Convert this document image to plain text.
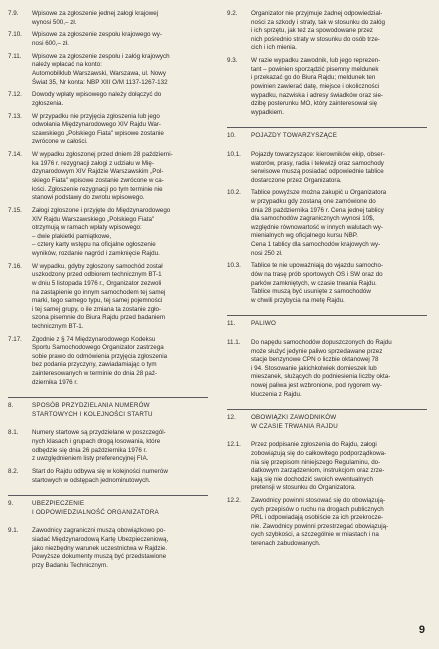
7.9.	Wpisowe za zgłoszenie jednej załogi krajowej
wynosi 500,– zł.
7.10.	Wpisowe za zgłoszenie zespołu krajowego wy-
nosi 600,– zł.
7.11.	Wpisowe za zgłoszenie zespołu i załóg krajowych
należy wpłacać na konto:
Automobilklub Warszawski, Warszawa, ul. Nowy
Świat 35, Nr konta: NBP XIII O/M 1137-1267-132
7.12.	Dowody wpłaty wpisowego należy dołączyć do
zgłoszenia.
7.13.	W przypadku nie przyjęcia zgłoszenia lub jego
odwołania Międzynarodowego XIV Rajdu War-
szawskiego „Polskiego Fiata" wpisowe zostanie
zwrócone w całości.
7.14.	W wypadku zgłoszonej przed dniem 28 październi-
ka 1976 r. rezygnacji załogi z udziału w Mię-
dzynarodowym XIV Rajdzie Warszawskim „Pol-
skiego Fiata" wpisowe zostanie zwrócone w ca-
łości. Zgłoszenie rezygnacji po tym terminie nie
stanowi podstawy do zwrotu wpisowego.
7.15.	Załogi zgłoszone i przyjęte do Międzynarodowego
XIV Rajdu Warszawskiego „Polskiego Fiata"
otrzymują w ramach wpłaty wpisowego:
– dwie plakietki pamiątkowe,
– cztery karty wstępu na oficjalne ogłoszenie
wyników, rozdanie nagród i zamknięcie Rajdu.
7.16.	W wypadku, gdyby zgłoszony samochód został
uszkodzony przed odbiorem technicznym BT-1
w dniu 5 listopada 1976 r., Organizator zezwoli
na zastąpienie go innym samochodem tej samej
marki, tego samego typu, tej samej pojemności
i tej samej grupy, o ile zmiana ta zostanie zgło-
szona pisemnie do Biura Rajdu przed badaniem
technicznym BT-1.
7.17.	Zgodnie z § 74 Międzynarodowego Kodeksu
Sportu Samochodowego Organizator zastrzega
sobie prawo do odmówienia przyjęcia zgłoszenia
bez podania przyczyny, zawiadamiając o tym
zainteresowanych w terminie do dnia 28 paź-
dziernika 1976 r.
8.	SPOSÓB PRZYDZIELANIA NUMERÓW
STARTOWYCH I KOLEJNOŚCI STARTU
8.1.	Numery startowe są przydzielane w poszczegól-
nych klasach i grupach drogą losowania, które
odbędzie się dnia 26 października 1976 r.
z uwzględnieniem listy preferencyjnej FIA.
8.2.	Start do Rajdu odbywa się w kolejności numerów
startowych w odstępach jednominutowych.
9.	UBEZPIECZENIE
I ODPOWIEDZIALNOŚĆ ORGANIZATORA
9.1.	Zawodnicy zagraniczni muszą obowiązkowo po-
siadać Międzynarodową Kartę Ubezpieczeniową,
jako niezbędny warunek uczestnictwa w Rajdzie.
Powyższe dokumenty muszą być przedstawione
przy Badaniu Technicznym.
9.2.	Organizator nie przyjmuje żadnej odpowiedzial-
ności za szkody i straty, tak w stosunku do załóg
i ich sprzętu, jak też za spowodowane przez
nich pośrednio straty w stosunku do osób trze-
cich i ich mienia.
9.3.	W razie wypadku zawodnik, lub jego reprezen-
tant – powinien sporządzić pisemny meldunek
i przekazać go do Biura Rajdu; meldunek ten
powinien zawierać datę, miejsce i okoliczności
wypadku, nazwiska i adresy świadków oraz sie-
dzibę posterunku MO, który zainteresował się
wypadkiem.
10.	POJAZDY TOWARZYSZĄCE
10.1.	Pojazdy towarzyszące: kierowników ekip, obser-
watorów, prasy, radia i telewizji oraz samochody
serwisowe muszą posiadać odpowiednie tablice
dostarczone przez Organizatora.
10.2.	Tablice powyższe można zakupić u Organizatora
w przypadku gdy zostaną one zamówione do
dnia 28 października 1976 r. Cena jednej tablicy
dla samochodów zagranicznych wynosi 10$,
względnie równowartość w innych walutach wy-
mienialnych wg oficjalnego kursu NBP.
Cena 1 tablicy dla samochodów krajowych wy-
nosi 250 zł.
10.3.	Tablice te nie upoważniają do wjazdu samocho-
dów na trasę prób sportowych OS i SW oraz do
parków zamkniętych, w czasie trwania Rajdu.
Tablice muszą być usunięte z samochodów
w chwili przybycia na metę Rajdu.
11.	PALIWO
11.1.	Do napędu samochodów dopuszczonych do Rajdu
może służyć jedynie paliwo sprzedawane przez
stacje benzynowe CPN o liczbie oktanowej 78
i 94. Stosowanie jakichkolwiek domieszek lub
mieszanek, służących do podniesienia liczby okta-
nowej paliwa jest wzbronione, pod rygorem wy-
kluczenia z Rajdu.
12.	OBOWIĄZKI ZAWODNIKÓW
W CZASIE TRWANIA RAJDU
12.1.	Przez podpisanie zgłoszenia do Rajdu, załogi
zobowiązują się do całkowitego podporządkowa-
nia się przepisom niniejszego Regulaminu, do-
datkowym zarządzeniom, instrukcjom oraz zrze-
kają się nie dochodzić swoich ewentualnych
pretensji w stosunku do Organizatora.
12.2.	Zawodnicy powinni stosować się do obowiązują-
cych przepisów o ruchu na drogach publicznych
PRL i odpowiadają osobiście za ich przekrocze-
nie. Zawodnicy powinni przestrzegać obowiązują-
cych szybkości, a szczególnie w miastach i na
terenach zabudowanych.
9
